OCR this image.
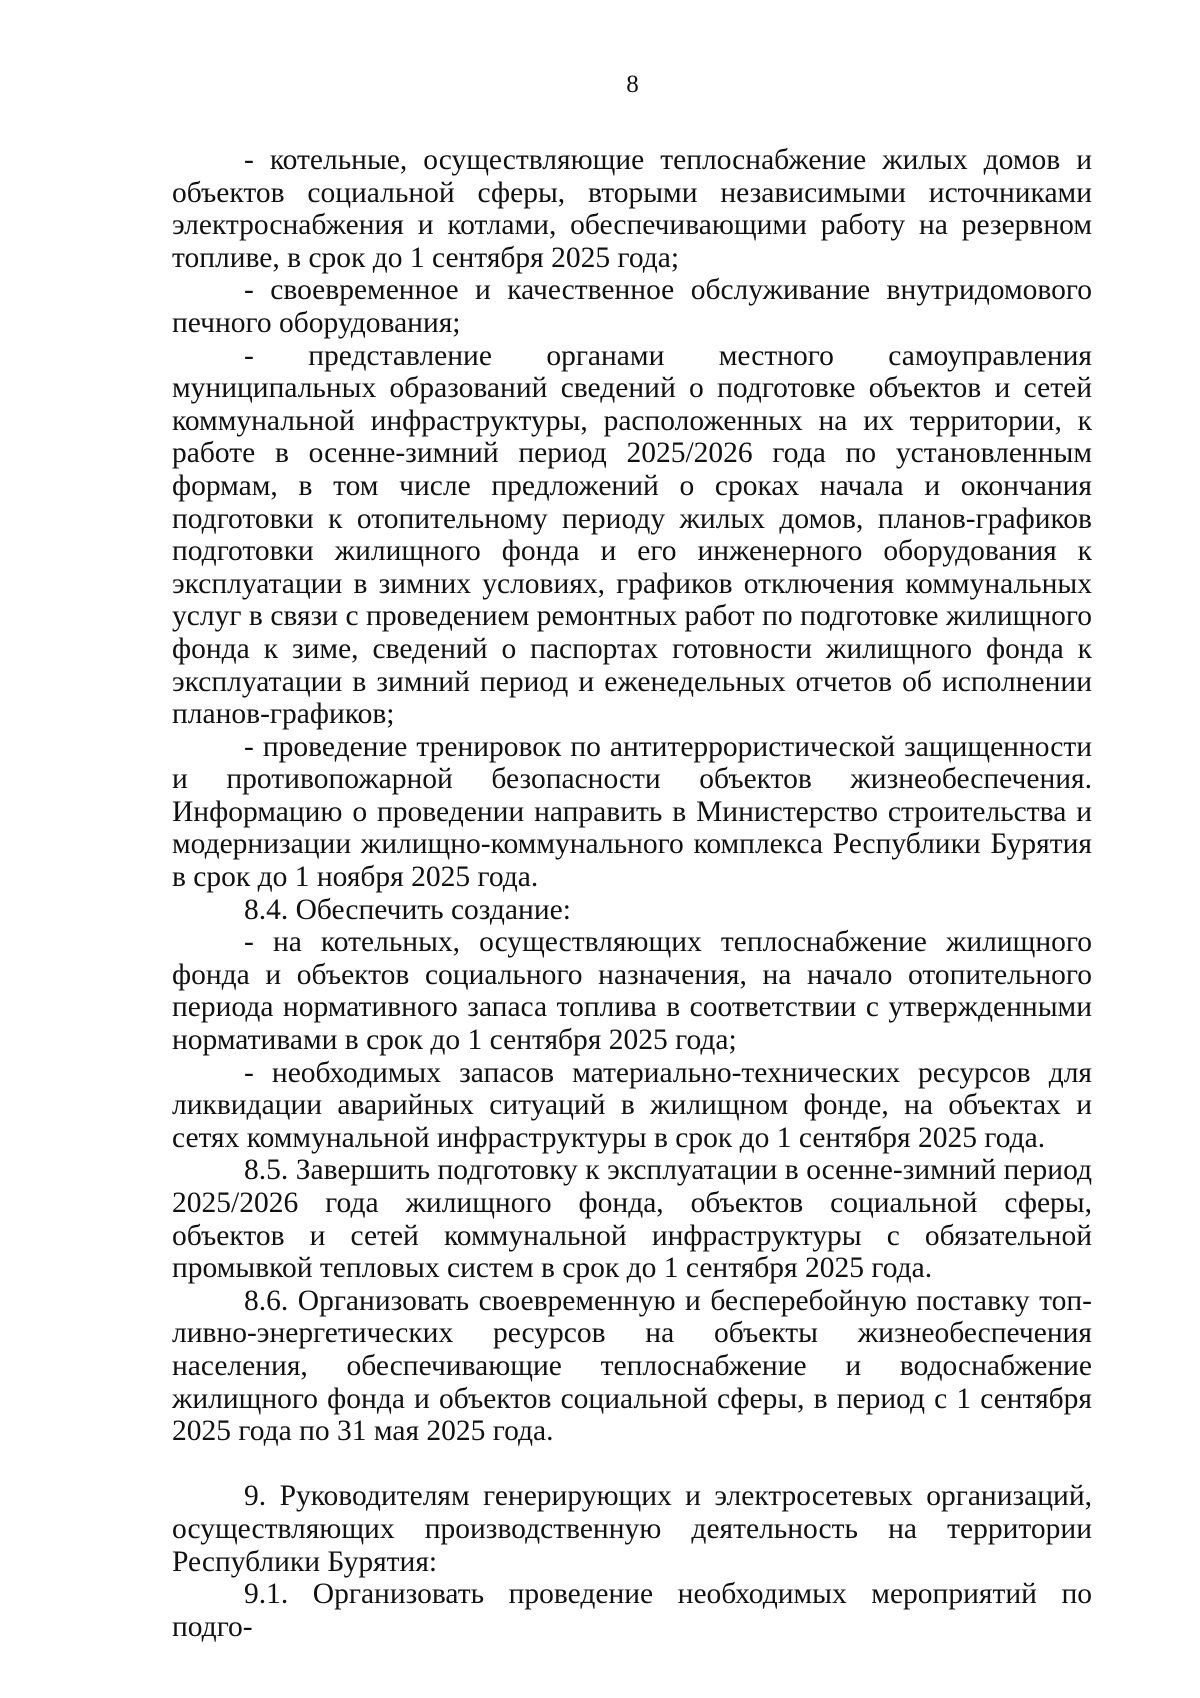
8

- котельные, осуществляющие теплоснабжение жилых домов и объектов социальной сферы, вторыми независимыми источниками электроснабжения и котлами, обеспечивающими работу на резервном топливе, в срок до 1 сентября 2025 года;

- своевременное и качественное обслуживание внутридомового печного оборудования;

- представление органами местного самоуправления муниципальных образований сведений о подготовке объектов и сетей коммунальной инфраструктуры, расположенных на их территории, к работе в осенне-зимний период 2025/2026 года по установленным формам, в том числе предложений о сроках начала и окончания подготовки к отопительному периоду жилых домов, планов-графиков подготовки жилищного фонда и его инженерного оборудования к эксплуатации в зимних условиях, графиков отключения коммунальных услуг в связи с проведением ремонтных работ по подготовке жилищного фонда к зиме, сведений о паспортах готовности жилищного фонда к эксплуатации в зимний период и еженедельных отчетов об исполнении планов-графиков;

- проведение тренировок по антитеррористической защищенности и противопожарной безопасности объектов жизнеобеспечения. Информацию о проведении направить в Министерство строительства и модернизации жилищно-коммунального комплекса Республики Бурятия в срок до 1 ноября 2025 года.

8.4. Обеспечить создание:

- на котельных, осуществляющих теплоснабжение жилищного фонда и объектов социального назначения, на начало отопительного периода нормативного запаса топлива в соответствии с утвержденными нормативами в срок до 1 сентября 2025 года;

- необходимых запасов материально-технических ресурсов для ликвидации аварийных ситуаций в жилищном фонде, на объектах и сетях коммунальной инфраструктуры в срок до 1 сентября 2025 года.

8.5. Завершить подготовку к эксплуатации в осенне-зимний период 2025/2026 года жилищного фонда, объектов социальной сферы, объектов и сетей коммунальной инфраструктуры с обязательной промывкой тепловых систем в срок до 1 сентября 2025 года.

8.6. Организовать своевременную и бесперебойную поставку топливно-энергетических ресурсов на объекты жизнеобеспечения населения, обеспечивающие теплоснабжение и водоснабжение жилищного фонда и объектов социальной сферы, в период с 1 сентября 2025 года по 31 мая 2025 года.

9. Руководителям генерирующих и электросетевых организаций, осуществляющих производственную деятельность на территории Республики Бурятия:

9.1. Организовать проведение необходимых мероприятий по подго-
